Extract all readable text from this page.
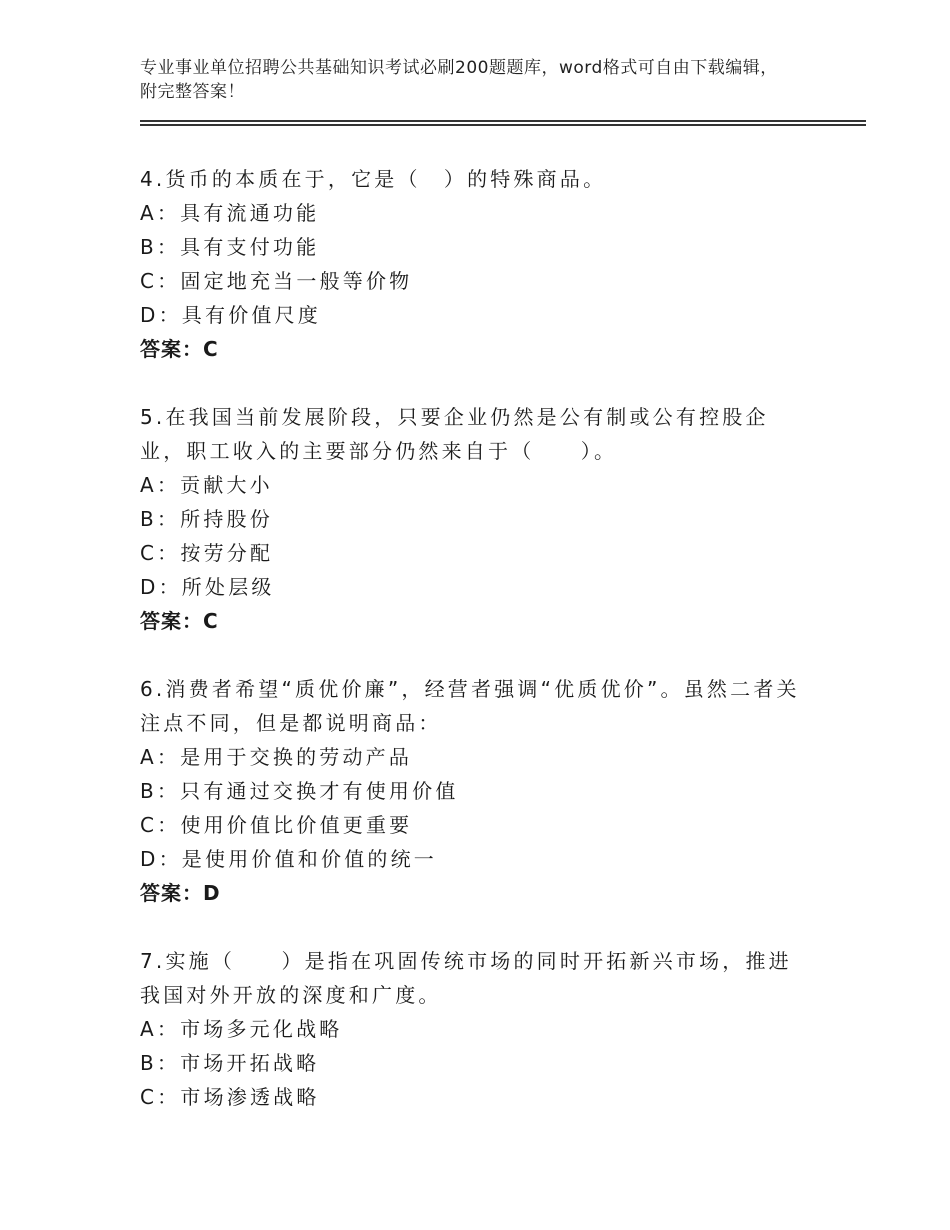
专业事业单位招聘公共基础知识考试必刷200题题库，word格式可自由下载编辑，附完整答案！

4.货币的本质在于，它是（　）的特殊商品。

A：具有流通功能

B：具有支付功能

C：固定地充当一般等价物

D：具有价值尺度

答案：C

5.在我国当前发展阶段，只要企业仍然是公有制或公有控股企业，职工收入的主要部分仍然来自于（　　）。

A：贡献大小

B：所持股份

C：按劳分配

D：所处层级

答案：C

6.消费者希望“质优价廉”，经营者强调“优质优价”。虽然二者关注点不同，但是都说明商品：

A：是用于交换的劳动产品

B：只有通过交换才有使用价值

C：使用价值比价值更重要

D：是使用价值和价值的统一

答案：D

7.实施（　　）是指在巩固传统市场的同时开拓新兴市场，推进我国对外开放的深度和广度。

A：市场多元化战略

B：市场开拓战略

C：市场渗透战略
